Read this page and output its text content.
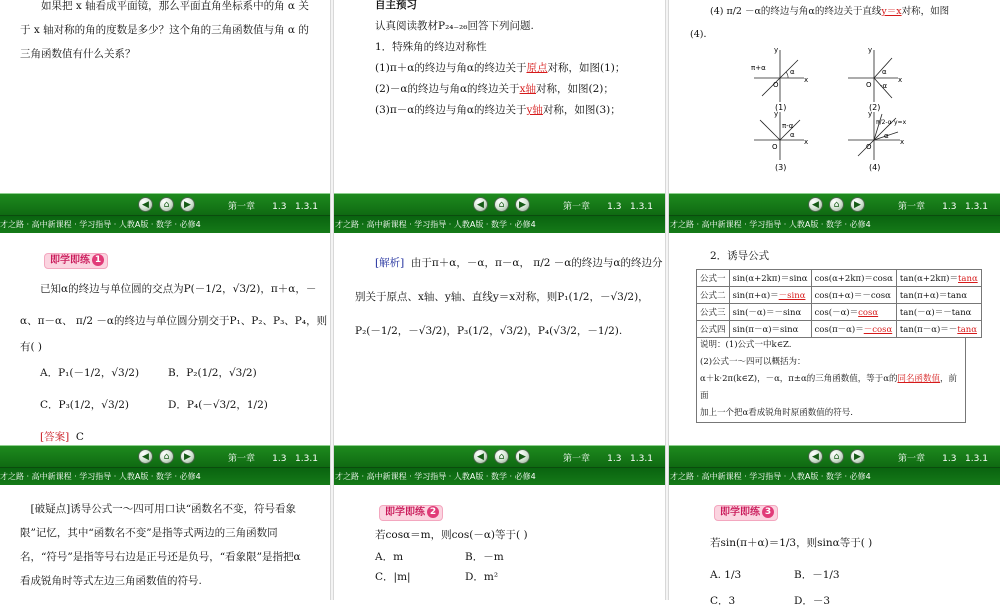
如果把 x 轴看成平面镜，那么平面直角坐标系中的角 α 关于 x 轴对称的角的度数是多少？这个角的三角函数值与角 α 的三角函数值有什么关系？
自主预习
认真阅读教材P₂₄₋₂₆回答下列问题.
1．特殊角的终边对称性
(1)π＋α的终边与角α的终边关于原点对称，如图(1)；
(2)－α的终边与角α的终边关于x轴对称，如图(2)；
(3)π－α的终边与角α的终边关于y轴对称，如图(3)；
(4) π/2 －α的终边与角α的终边关于直线y＝x对称，如图
(4)．
x
y
O
π+α	α
(1)
x
y
O
α
-α
(2)
x
y
O
π-α
α
(3)
x
y
O
π/2-α
α
y=x
(4)
◀	⌂	▶	第一章      1.3   1.3.1	◀	⌂	▶	第一章      1.3   1.3.1	◀	⌂	▶	第一章      1.3   1.3.1
才之路 · 高中新课程 · 学习指导 · 人教A版 · 数学 · 必修4	才之路 · 高中新课程 · 学习指导 · 人教A版 · 数学 · 必修4	才之路 · 高中新课程 · 学习指导 · 人教A版 · 数学 · 必修4
即学即练 1
已知α的终边与单位圆的交点为P(－1/2，√3/2)，π＋α，－
α、π－α、 π/2 －α的终边与单位圆分别交于P₁、P₂、P₃、P₄，则
有( )
A．P₁(－1/2，√3/2)	B．P₂(1/2，√3/2)
C．P₃(1/2，√3/2)	D．P₄(－√3/2，1/2)
[答案] C
[解析] 由于π＋α，－α，π－α， π/2 －α的终边与α的终边分
别关于原点、x轴、y轴、直线y＝x对称，则P₁(1/2，－√3/2)，
P₂(－1/2，－√3/2)，P₃(1/2，√3/2)，P₄(√3/2，－1/2).
2．诱导公式
公式一	sin(α+2kπ)＝sinα	cos(α+2kπ)＝cosα	tan(α+2kπ)＝tanα
公式二	sin(π+α)＝－sinα	cos(π+α)＝－cosα	tan(π+α)＝tanα
公式三	sin(－α)＝－sinα	cos(－α)＝cosα	tan(－α)＝－tanα
公式四	sin(π－α)＝sinα	cos(π－α)＝－cosα	tan(π－α)＝－tanα
说明：(1)公式一中k∈Z.
(2)公式一～四可以概括为：
α＋k·2π(k∈Z)，－α，π±α的三角函数值，等于α的同名函数值，前面
加上一个把α看成锐角时原函数值的符号.
◀	⌂	▶	第一章      1.3   1.3.1	◀	⌂	▶	第一章      1.3   1.3.1	◀	⌂	▶	第一章      1.3   1.3.1
才之路 · 高中新课程 · 学习指导 · 人教A版 · 数学 · 必修4	才之路 · 高中新课程 · 学习指导 · 人教A版 · 数学 · 必修4	才之路 · 高中新课程 · 学习指导 · 人教A版 · 数学 · 必修4
[破疑点]诱导公式一～四可用口诀“函数名不变，符号看象限”记忆，其中“函数名不变”是指等式两边的三角函数同名，“符号”是指等号右边是正号还是负号，“看象限”是指把α看成锐角时等式左边三角函数值的符号.
即学即练 2
若cosα＝m，则cos(－α)等于( )
A．m	B．－m
C．|m|	D．m²
即学即练 3
若sin(π＋α)＝1/3，则sinα等于( )
A. 1/3	B．－1/3
C．3	D．－3
